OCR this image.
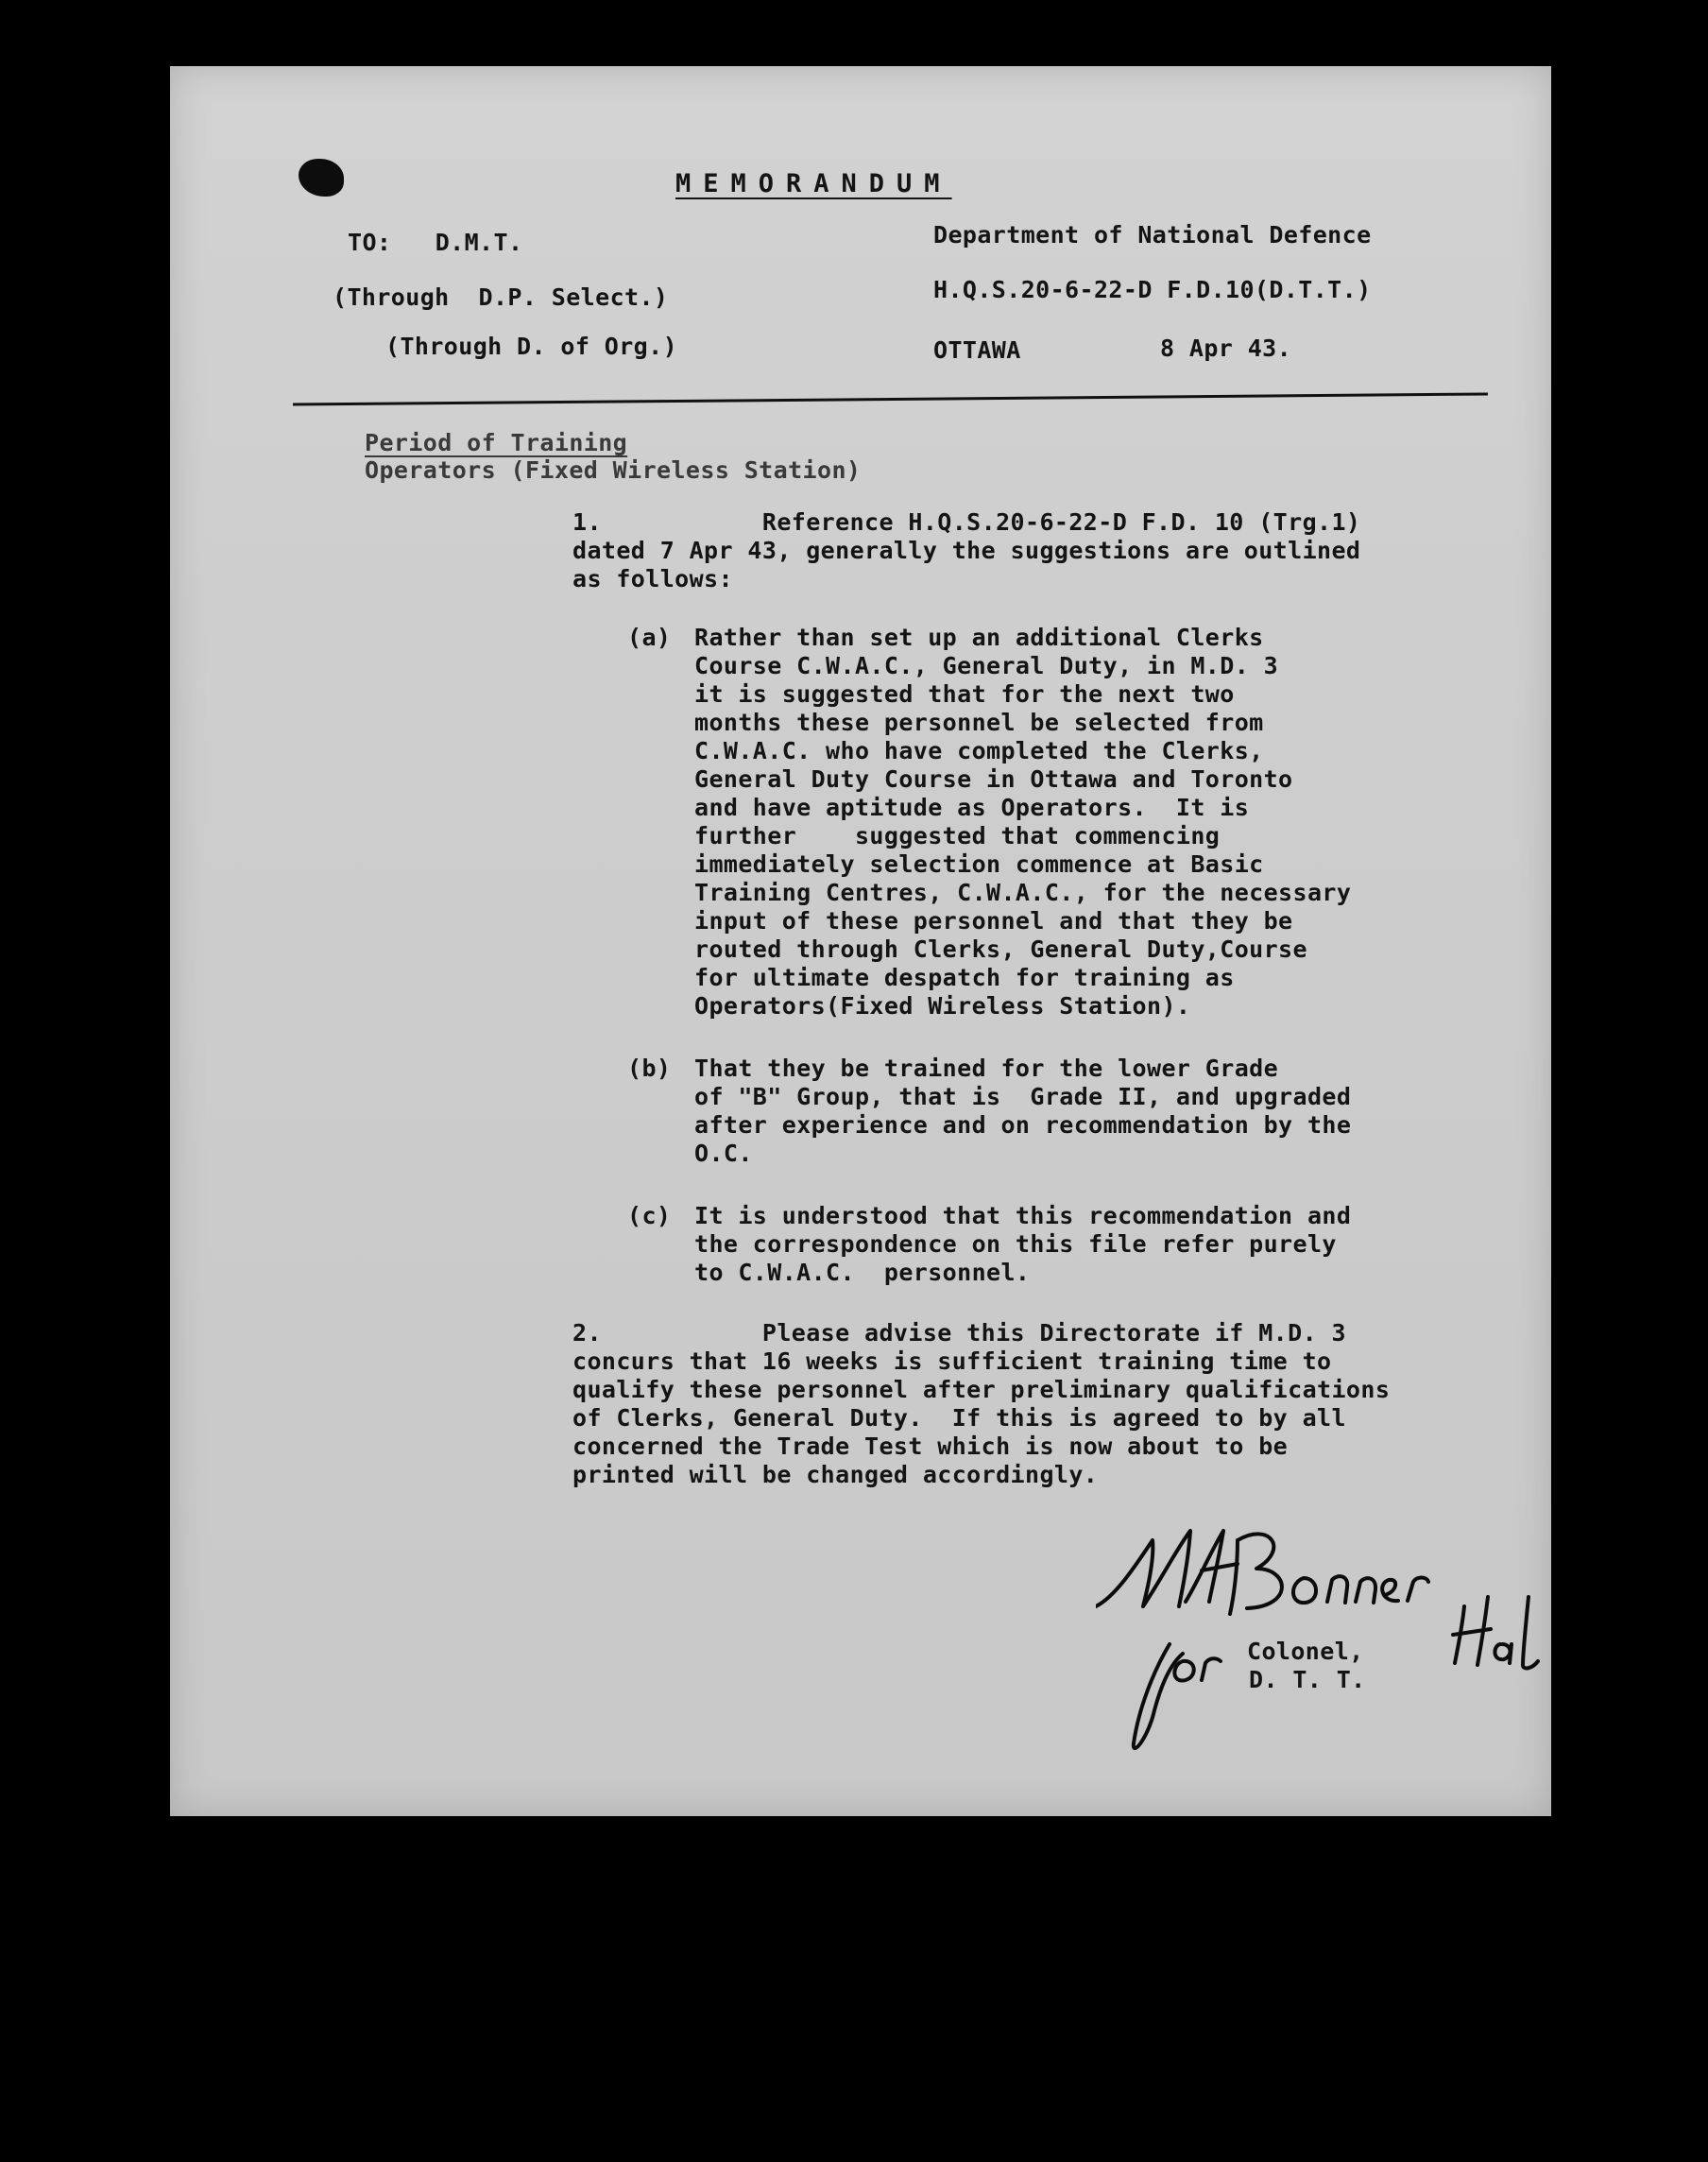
MEMORANDUM

TO:   D.M.T.

(Through  D.P. Select.)

(Through D. of Org.)

Department of National Defence

H.Q.S.20-6-22-D F.D.10(D.T.T.)

OTTAWA	8 Apr 43.

Period of Training

Operators (Fixed Wireless Station)

1.           Reference H.Q.S.20-6-22-D F.D. 10 (Trg.1)

dated 7 Apr 43, generally the suggestions are outlined

as follows:

(a) Rather than set up an additional Clerks

Course C.W.A.C., General Duty, in M.D. 3

it is suggested that for the next two

months these personnel be selected from

C.W.A.C. who have completed the Clerks,

General Duty Course in Ottawa and Toronto

and have aptitude as Operators.  It is

further    suggested that commencing

immediately selection commence at Basic

Training Centres, C.W.A.C., for the necessary

input of these personnel and that they be

routed through Clerks, General Duty,Course

for ultimate despatch for training as

Operators(Fixed Wireless Station).

(b) That they be trained for the lower Grade

of "B" Group, that is  Grade II, and upgraded

after experience and on recommendation by the

O.C.

(c) It is understood that this recommendation and

the correspondence on this file refer purely

to C.W.A.C.  personnel.

2.           Please advise this Directorate if M.D. 3

concurs that 16 weeks is sufficient training time to

qualify these personnel after preliminary qualifications

of Clerks, General Duty.  If this is agreed to by all

concerned the Trade Test which is now about to be

printed will be changed accordingly.

Colonel,

D. T. T.
